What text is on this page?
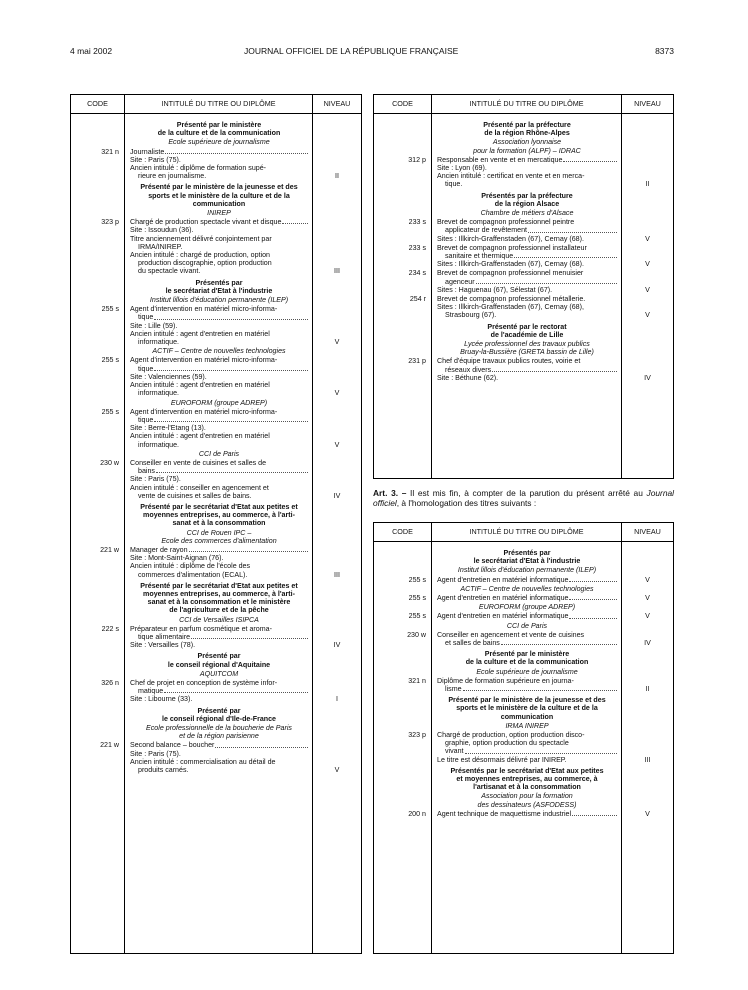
4 mai 2002	JOURNAL OFFICIEL DE LA RÉPUBLIQUE FRANÇAISE	8373
CODE	INTITULÉ DU TITRE OU DIPLÔME	NIVEAU
Présenté par le ministère
de la culture et de la communication
Ecole supérieure de journalisme
321 n	Journaliste
Site : Paris (75).
Ancien intitulé : diplôme de formation supé-
rieure en journalisme.	II
Présenté par le ministère de la jeunesse et des
sports et le ministère de la culture et de la
communication
INIREP
323 p	Chargé de production spectacle vivant et disque
Site : Issoudun (36).
Titre anciennement délivré conjointement par
IRMA/INIREP.
Ancien intitulé : chargé de production, option
production discographie, option production
du spectacle vivant.	III
Présentés par
le secrétariat d'Etat à l'industrie
Institut lillois d'éducation permanente (ILEP)
255 s	Agent d'intervention en matériel micro-informa-
tique
Site : Lille (59).
Ancien intitulé : agent d'entretien en matériel
informatique.	V
ACTIF – Centre de nouvelles technologies
255 s	Agent d'intervention en matériel micro-informa-
tique
Site : Valenciennes (59).
Ancien intitulé : agent d'entretien en matériel
informatique.	V
EUROFORM (groupe ADREP)
255 s	Agent d'intervention en matériel micro-informa-
tique
Site : Berre-l'Etang (13).
Ancien intitulé : agent d'entretien en matériel
informatique.	V
CCI de Paris
230 w	Conseiller en vente de cuisines et salles de
bains
Site : Paris (75).
Ancien intitulé : conseiller en agencement et
vente de cuisines et salles de bains.	IV
Présenté par le secrétariat d'Etat aux petites et
moyennes entreprises, au commerce, à l'arti-
sanat et à la consommation
CCI de Rouen IPC –
Ecole des commerces d'alimentation
221 w	Manager de rayon
Site : Mont-Saint-Aignan (76).
Ancien intitulé : diplôme de l'école des
commerces d'alimentation (ECAL).	III
Présenté par le secrétariat d'Etat aux petites et
moyennes entreprises, au commerce, à l'arti-
sanat et à la consommation et le ministère
de l'agriculture et de la pêche
CCI de Versailles ISIPCA
222 s	Préparateur en parfum cosmétique et aroma-
tique alimentaire
Site : Versailles (78).	IV
Présenté par
le conseil régional d'Aquitaine
AQUITCOM
326 n	Chef de projet en conception de système infor-
matique
Site : Libourne (33).	I
Présenté par
le conseil régional d'Ile-de-France
Ecole professionnelle de la boucherie de Paris
et de la région parisienne
221 w	Second balance – boucher
Site : Paris (75).
Ancien intitulé : commercialisation au détail de
produits carnés.	V
CODE	INTITULÉ DU TITRE OU DIPLÔME	NIVEAU
Présenté par la préfecture
de la région Rhône-Alpes
Association lyonnaise
pour la formation (ALPF) – IDRAC
312 p	Responsable en vente et en mercatique
Site : Lyon (69).
Ancien intitulé : certificat en vente et en merca-
tique.	II
Présentés par la préfecture
de la région Alsace
Chambre de métiers d'Alsace
233 s	Brevet de compagnon professionnel peintre
applicateur de revêtement
Sites : Illkirch-Graffenstaden (67), Cernay (68).	V
233 s	Brevet de compagnon professionnel installateur
sanitaire et thermique
Sites : Illkirch-Graffenstaden (67), Cernay (68).	V
234 s	Brevet de compagnon professionnel menuisier
agenceur
Sites : Haguenau (67), Sélestat (67).	V
254 r	Brevet de compagnon professionnel métallerie.
Sites : Illkirch-Graffenstaden (67), Cernay (68),
Strasbourg (67).	V
Présenté par le rectorat
de l'académie de Lille
Lycée professionnel des travaux publics
Bruay-la-Bussière (GRETA bassin de Lille)
231 p	Chef d'équipe travaux publics routes, voirie et
réseaux divers
Site : Béthune (62).	IV
Art. 3. – Il est mis fin, à compter de la parution du présent arrêté au Journal officiel, à l'homologation des titres suivants :
CODE	INTITULÉ DU TITRE OU DIPLÔME	NIVEAU
Présentés par
le secrétariat d'Etat à l'industrie
Institut lillois d'éducation permanente (ILEP)
255 s	Agent d'entretien en matériel informatique	V
ACTIF – Centre de nouvelles technologies
255 s	Agent d'entretien en matériel informatique	V
EUROFORM (groupe ADREP)
255 s	Agent d'entretien en matériel informatique	V
CCI de Paris
230 w	Conseiller en agencement et vente de cuisines
et salles de bains	IV
Présenté par le ministère
de la culture et de la communication
Ecole supérieure de journalisme
321 n	Diplôme de formation supérieure en journa-
lisme	II
Présenté par le ministère de la jeunesse et des
sports et le ministère de la culture et de la
communication
IRMA INIREP
323 p	Chargé de production, option production disco-
graphie, option production du spectacle
vivant
Le titre est désormais délivré par INIREP.	III
Présentés par le secrétariat d'Etat aux petites
et moyennes entreprises, au commerce, à
l'artisanat et à la consommation
Association pour la formation
des dessinateurs (ASFODESS)
200 n	Agent technique de maquettisme industriel	V
